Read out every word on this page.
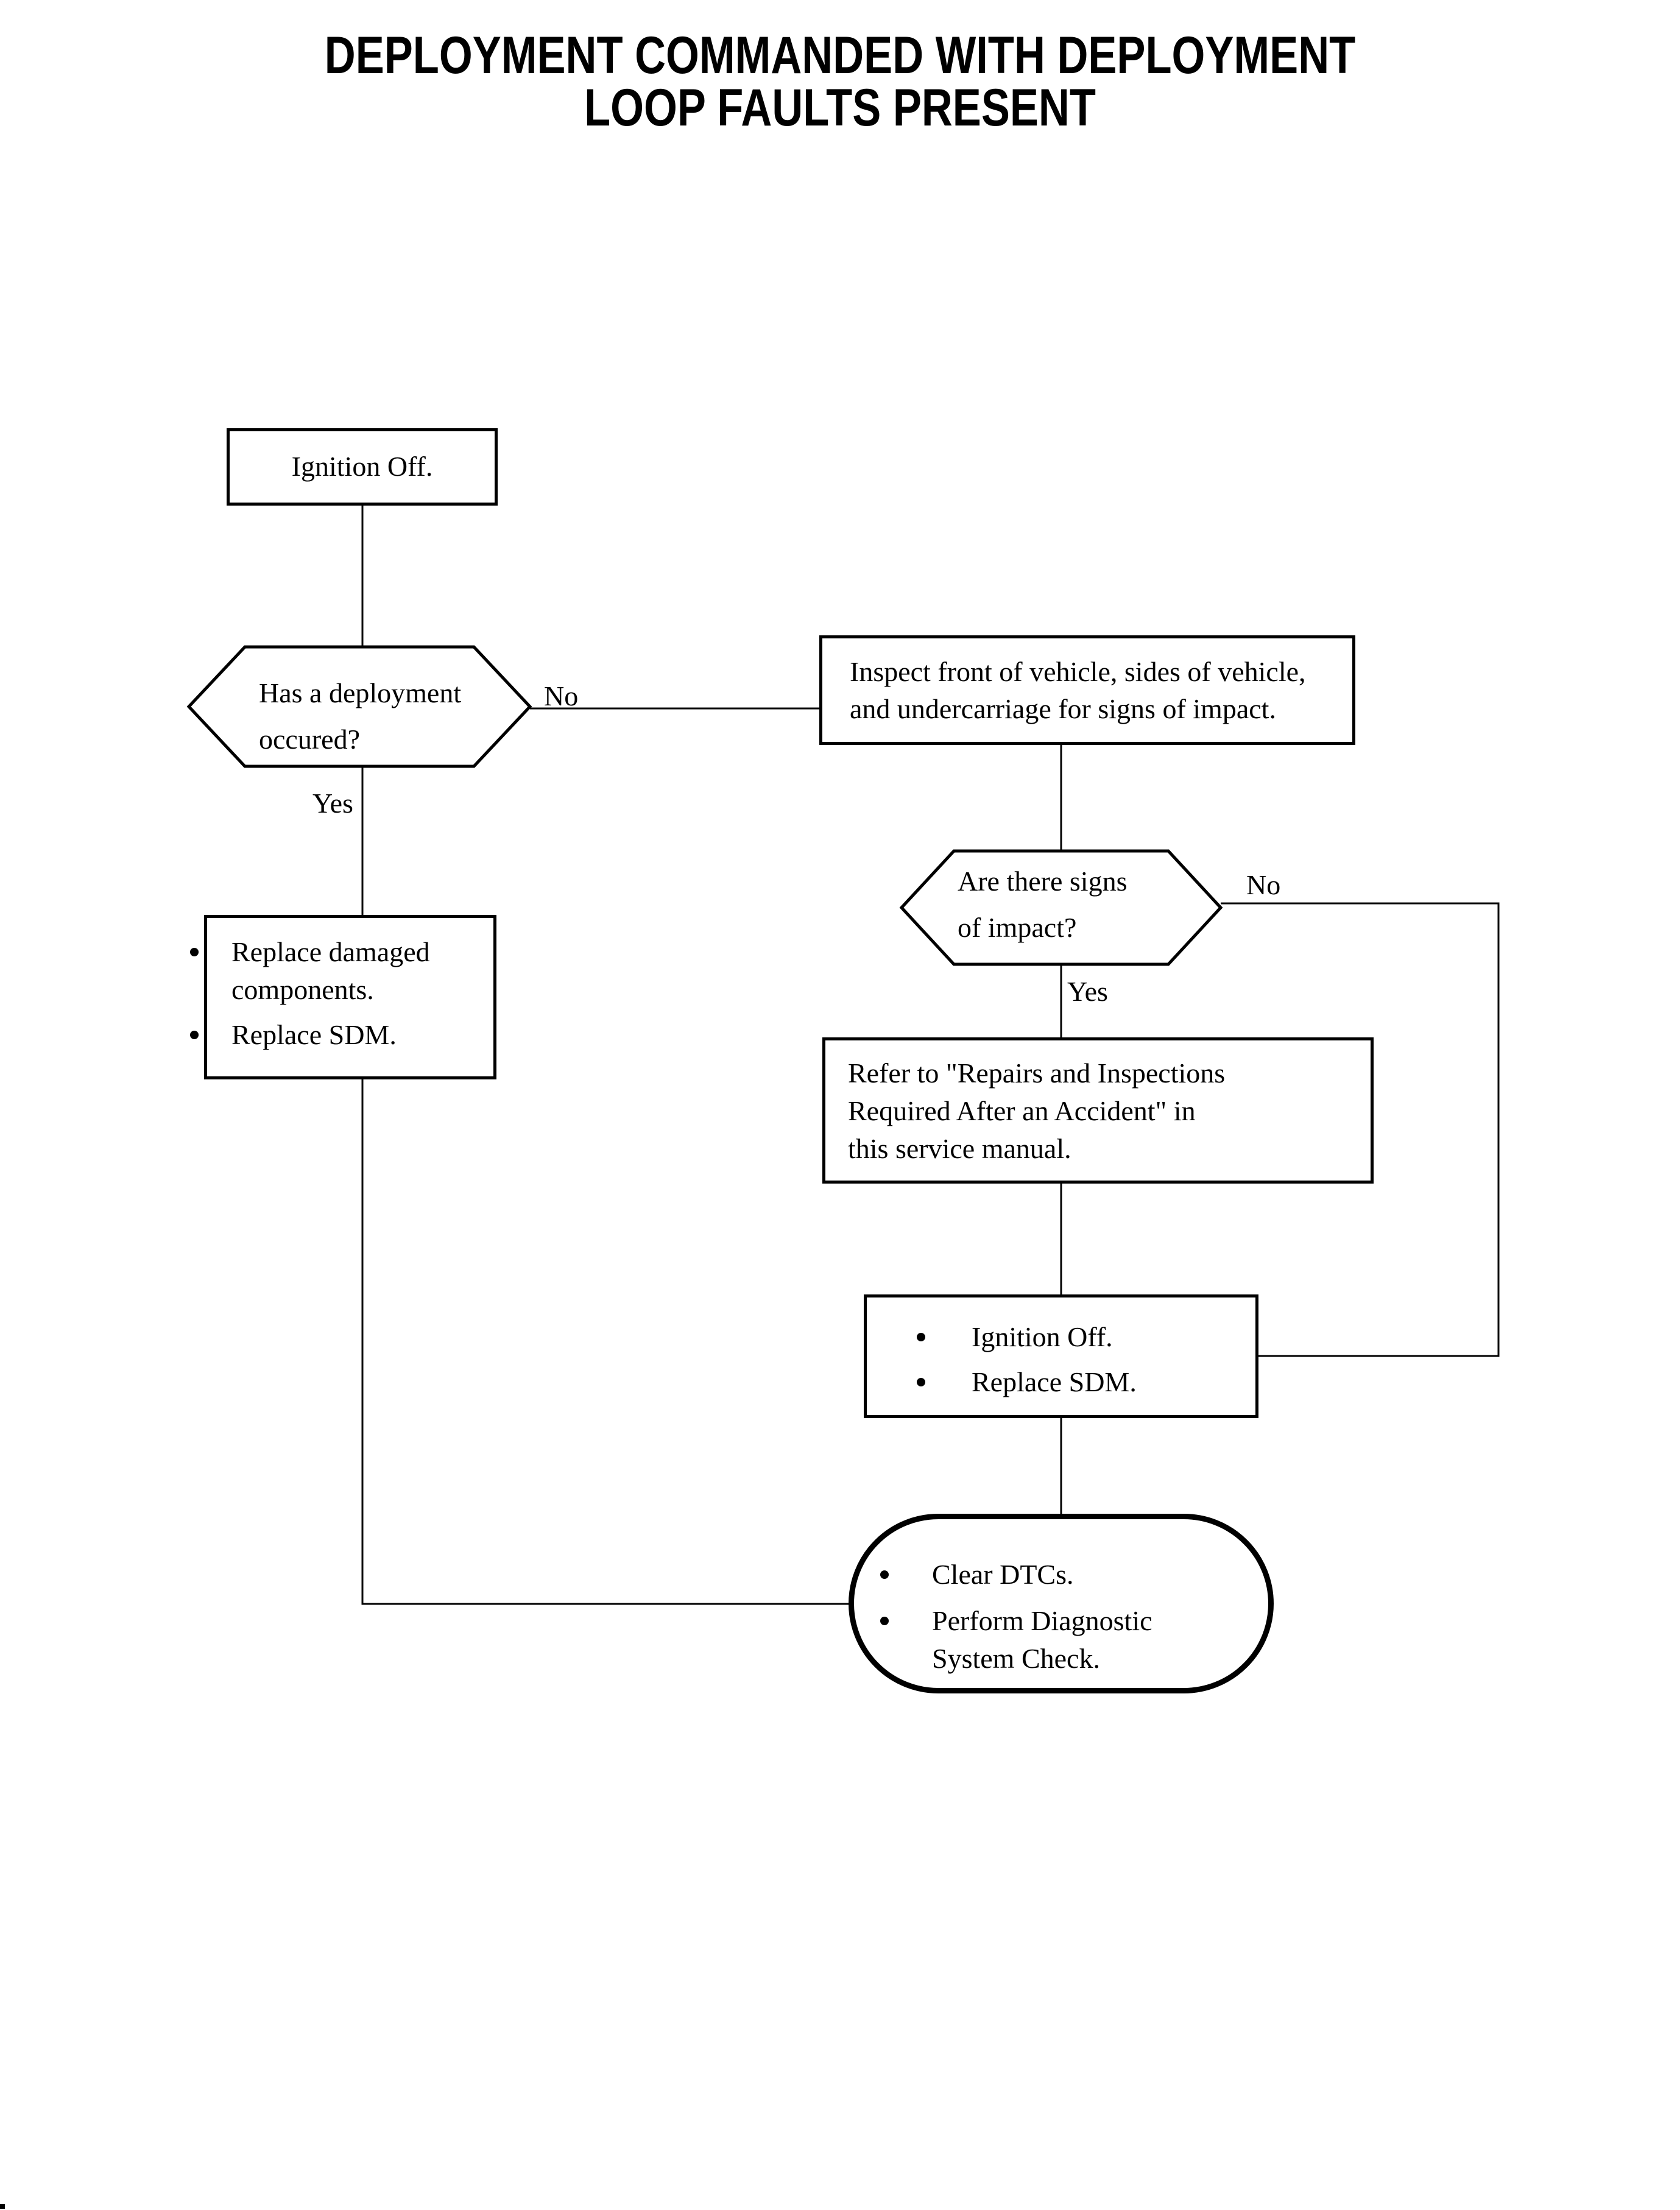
DEPLOYMENT COMMANDED WITH DEPLOYMENT
LOOP FAULTS PRESENT
Ignition Off.
Has a deployment
occured?
No
Yes
Inspect front of vehicle, sides of vehicle,
and undercarriage for signs of impact.
Replace damaged
components.
Replace SDM.
Are there signs
of impact?
No
Yes
Refer to "Repairs and Inspections
Required After an Accident" in
this service manual.
Ignition Off.
Replace SDM.
Clear DTCs.
Perform Diagnostic
System Check.
